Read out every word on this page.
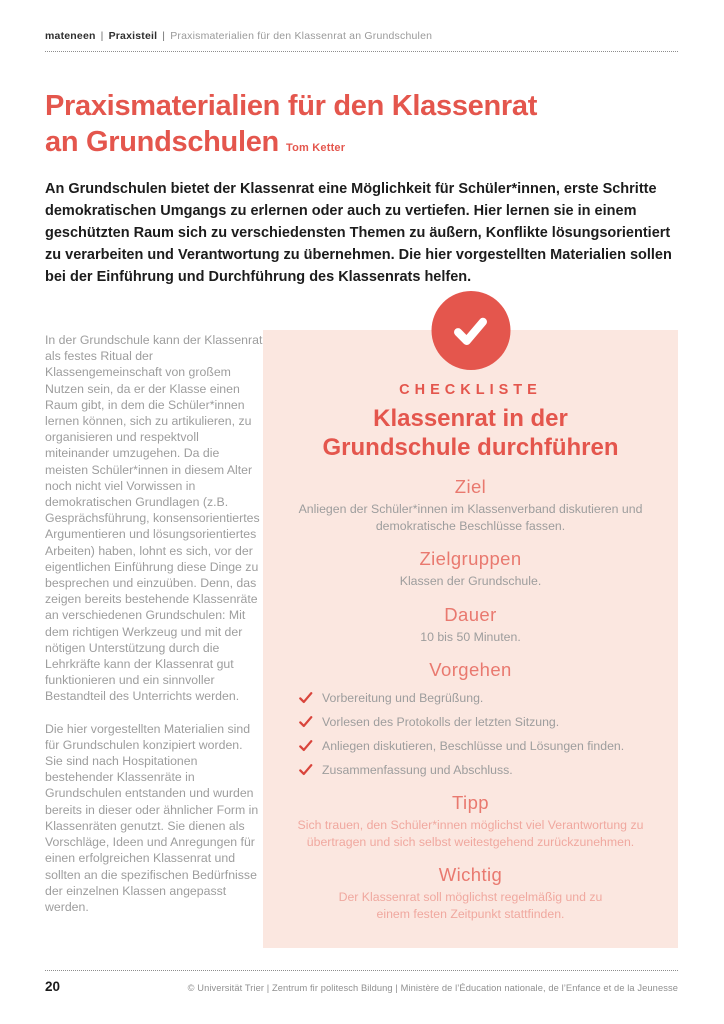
mateneen | Praxisteil | Praxismaterialien für den Klassenrat an Grundschulen
Praxismaterialien für den Klassenrat
an Grundschulen Tom Ketter

An Grundschulen bietet der Klassenrat eine Möglichkeit für Schüler*innen, erste Schritte demokratischen Umgangs zu erlernen oder auch zu vertiefen. Hier lernen sie in einem geschützten Raum sich zu verschiedensten Themen zu äußern, Konflikte lösungsorientiert zu verarbeiten und Verantwortung zu übernehmen. Die hier vorgestellten Materialien sollen bei der Einführung und Durchführung des Klassenrats helfen.

In der Grundschule kann der Klassenrat als festes Ritual der Klassengemeinschaft von großem Nutzen sein, da er der Klasse einen Raum gibt, in dem die Schüler*innen lernen können, sich zu artikulieren, zu organisieren und respektvoll miteinander umzugehen. Da die meisten Schüler*innen in diesem Alter noch nicht viel Vorwissen in demokratischen Grundlagen (z.B. Gesprächsführung, konsensorientiertes Argumentieren und lösungsorientiertes Arbeiten) haben, lohnt es sich, vor der eigentlichen Einführung diese Dinge zu besprechen und einzuüben. Denn, das zeigen bereits bestehende Klassenräte an verschiedenen Grundschulen: Mit dem richtigen Werkzeug und mit der nötigen Unterstützung durch die Lehrkräfte kann der Klassenrat gut funktionieren und ein sinnvoller Bestandteil des Unterrichts werden.

Die hier vorgestellten Materialien sind für Grundschulen konzipiert worden. Sie sind nach Hospitationen bestehender Klassenräte in Grundschulen entstanden und wurden bereits in dieser oder ähnlicher Form in Klassenräten genutzt. Sie dienen als Vorschläge, Ideen und Anregungen für einen erfolgreichen Klassenrat und sollten an die spezifischen Bedürfnisse der einzelnen Klassen angepasst werden.

CHECKLISTE
Klassenrat in der
Grundschule durchführen
Ziel

Anliegen der Schüler*innen im Klassenverband diskutieren und demokratische Beschlüsse fassen.

Zielgruppen

Klassen der Grundschule.

Dauer

10 bis 50 Minuten.

Vorgehen
Vorbereitung und Begrüßung.
Vorlesen des Protokolls der letzten Sitzung.
Anliegen diskutieren, Beschlüsse und Lösungen finden.
Zusammenfassung und Abschluss.
Tipp

Sich trauen, den Schüler*innen möglichst viel Verantwortung zu übertragen und sich selbst weitestgehend zurückzunehmen.

Wichtig

Der Klassenrat soll möglichst regelmäßig und zu einem festen Zeitpunkt stattfinden.

20	© Universität Trier | Zentrum fir politesch Bildung | Ministère de l’Éducation nationale, de l’Enfance et de la Jeunesse
